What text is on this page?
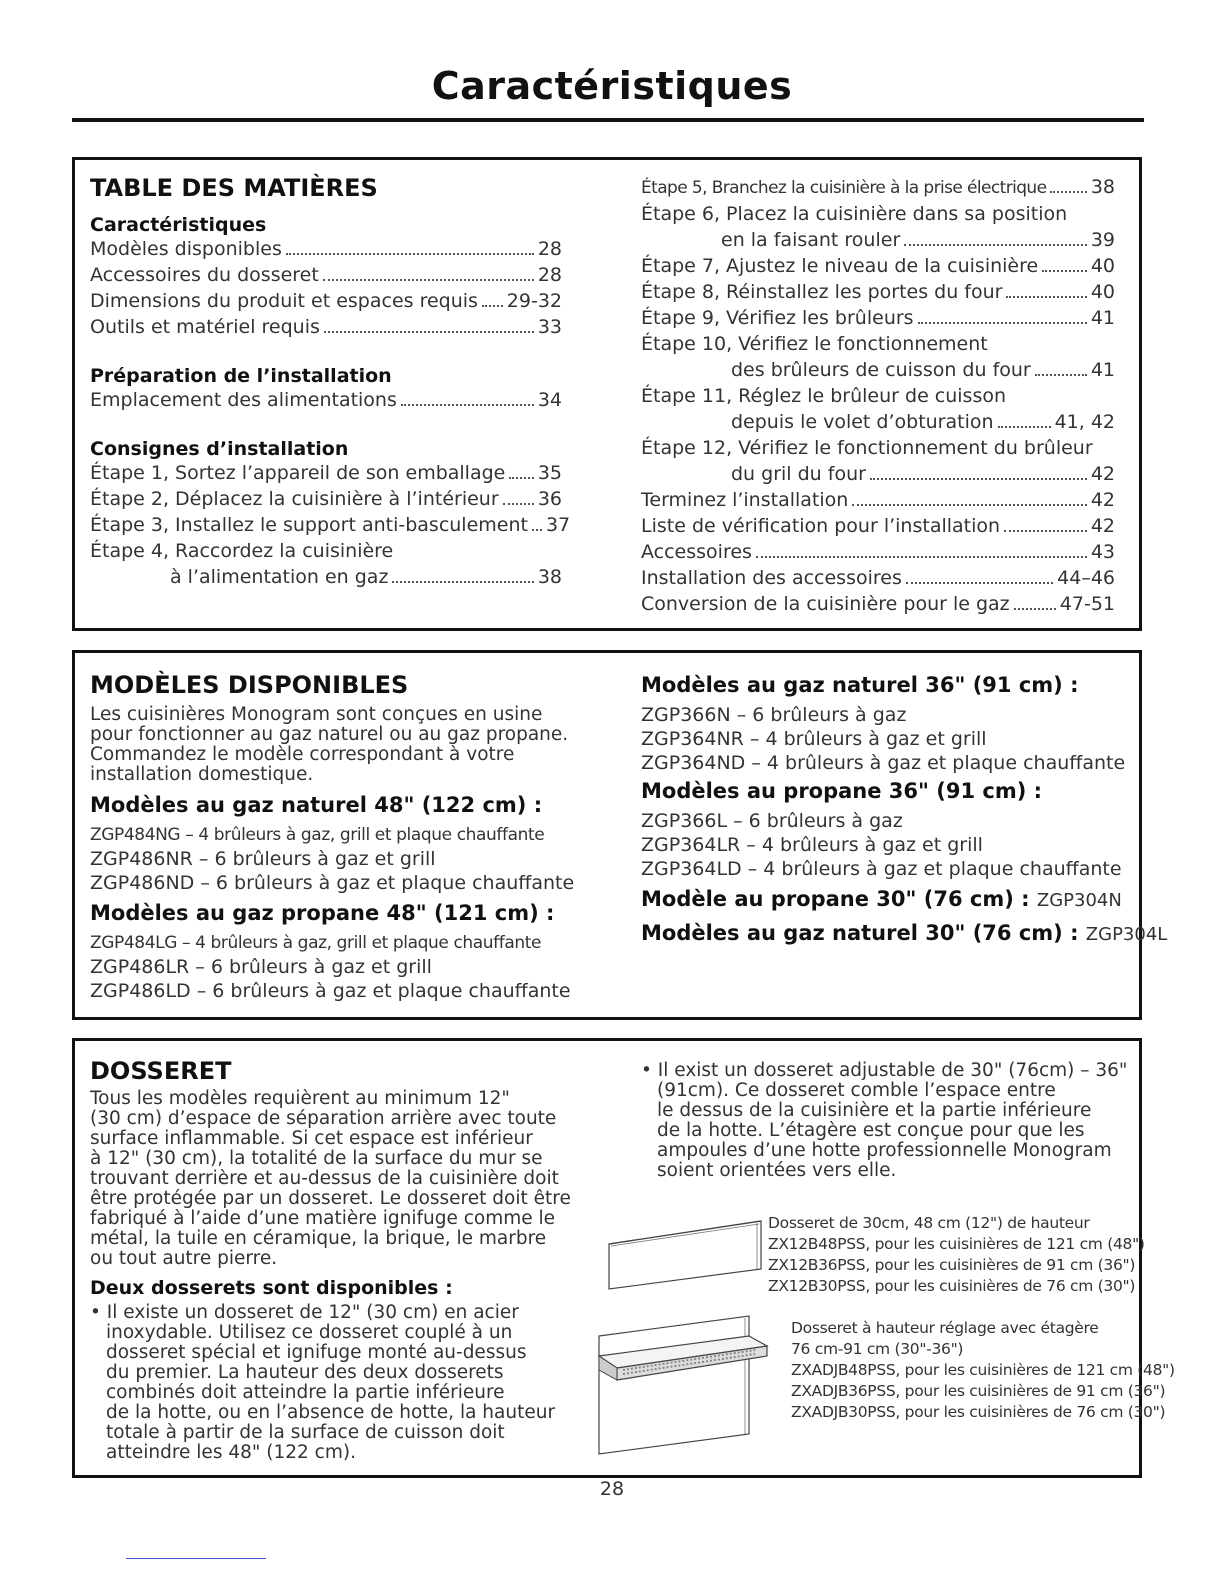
Caractéristiques
TABLE DES MATIÈRES
Caractéristiques
Modèles disponibles	28
Accessoires du dosseret	28
Dimensions du produit et espaces requis 29-32
Outils et matériel requis	33
Préparation de l’installation
Emplacement des alimentations	34
Consignes d’installation
Étape 1, Sortez l’appareil de son emballage 35
Étape 2, Déplacez la cuisinière à l’intérieur 36
Étape 3, Installez le support anti-basculement 37
Étape 4, Raccordez la cuisinière
à l’alimentation en gaz	38
Étape 5, Branchez la cuisinière à la prise électrique 38
Étape 6, Placez la cuisinière dans sa position
en la faisant rouler	39
Étape 7, Ajustez le niveau de la cuisinière	40
Étape 8, Réinstallez les portes du four	40
Étape 9, Vérifiez les brûleurs	41
Étape 10, Vérifiez le fonctionnement
des brûleurs de cuisson du four	41
Étape 11, Réglez le brûleur de cuisson
depuis le volet d’obturation	41, 42
Étape 12, Vérifiez le fonctionnement du brûleur
du gril du four	42
Terminez l’installation	42
Liste de vérification pour l’installation	42
Accessoires	43
Installation des accessoires	44–46
Conversion de la cuisinière pour le gaz	47-51
MODÈLES DISPONIBLES
Les cuisinières Monogram sont conçues en usine
pour fonctionner au gaz naturel ou au gaz propane.
Commandez le modèle correspondant à votre
installation domestique.
Modèles au gaz naturel 48" (122 cm) :
ZGP484NG – 4 brûleurs à gaz, grill et plaque chauffante
ZGP486NR – 6 brûleurs à gaz et grill
ZGP486ND – 6 brûleurs à gaz et plaque chauffante
Modèles au gaz propane 48" (121 cm) :
ZGP484LG – 4 brûleurs à gaz, grill et plaque chauffante
ZGP486LR – 6 brûleurs à gaz et grill
ZGP486LD – 6 brûleurs à gaz et plaque chauffante
Modèles au gaz naturel 36" (91 cm) :
ZGP366N – 6 brûleurs à gaz
ZGP364NR – 4 brûleurs à gaz et grill
ZGP364ND – 4 brûleurs à gaz et plaque chauffante
Modèles au propane 36" (91 cm) :
ZGP366L – 6 brûleurs à gaz
ZGP364LR – 4 brûleurs à gaz et grill
ZGP364LD – 4 brûleurs à gaz et plaque chauffante
Modèle au propane 30" (76 cm) : ZGP304N
Modèles au gaz naturel 30" (76 cm) : ZGP304L
DOSSERET
Tous les modèles requièrent au minimum 12"
(30 cm) d’espace de séparation arrière avec toute
surface inflammable. Si cet espace est inférieur
à 12" (30 cm), la totalité de la surface du mur se
trouvant derrière et au-dessus de la cuisinière doit
être protégée par un dosseret. Le dosseret doit être
fabriqué à l’aide d’une matière ignifuge comme le
métal, la tuile en céramique, la brique, le marbre
ou tout autre pierre.
Deux dosserets sont disponibles :
• Il existe un dosseret de 12" (30 cm) en acier
inoxydable. Utilisez ce dosseret couplé à un
dosseret spécial et ignifuge monté au-dessus
du premier. La hauteur des deux dosserets
combinés doit atteindre la partie inférieure
de la hotte, ou en l’absence de hotte, la hauteur
totale à partir de la surface de cuisson doit
atteindre les 48" (122 cm).
• Il exist un dosseret adjustable de 30" (76cm) – 36"
(91cm). Ce dosseret comble l’espace entre
le dessus de la cuisinière et la partie inférieure
de la hotte. L’étagère est conçue pour que les
ampoules d’une hotte professionnelle Monogram
soient orientées vers elle.
Dosseret de 30cm, 48 cm (12") de hauteur
ZX12B48PSS, pour les cuisinières de 121 cm (48")
ZX12B36PSS, pour les cuisinières de 91 cm (36")
ZX12B30PSS, pour les cuisinières de 76 cm (30")
Dosseret à hauteur réglage avec étagère
76 cm-91 cm (30"-36")
ZXADJB48PSS, pour les cuisinières de 121 cm (48")
ZXADJB36PSS, pour les cuisinières de 91 cm (36")
ZXADJB30PSS, pour les cuisinières de 76 cm (30")
28
